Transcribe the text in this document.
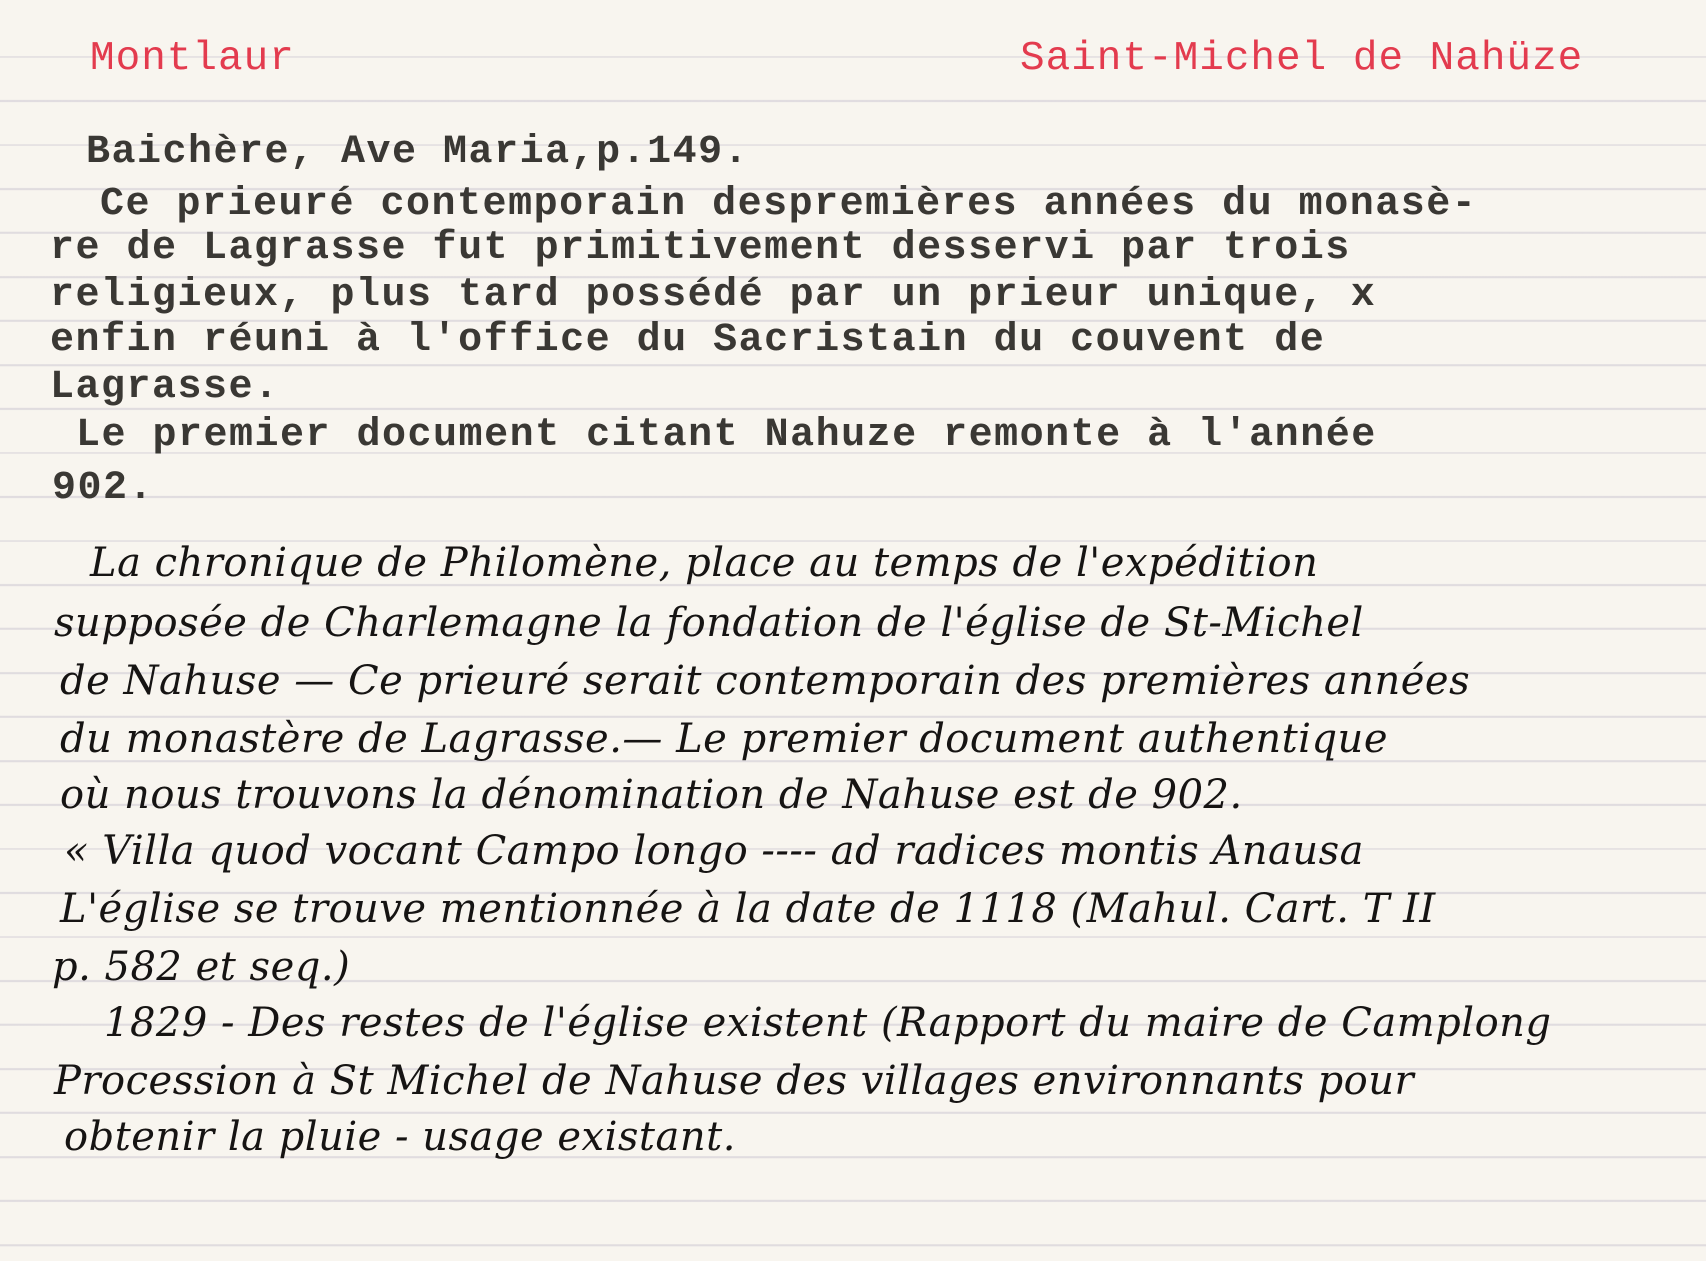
Montlaur	Saint-Michel de Nahüze
Baichère, Ave Maria,p.149.
Ce prieuré contemporain despremières années du monasè-
re de Lagrasse fut primitivement desservi par trois
religieux, plus tard possédé par un prieur unique, x
enfin réuni à l'office du Sacristain du couvent de
Lagrasse.
Le premier document citant Nahuze remonte à l'année
902.
La chronique de Philomène, place au temps de l'expédition
supposée de Charlemagne la fondation de l'église de St-Michel
de Nahuse — Ce prieuré serait contemporain des premières années
du monastère de Lagrasse.— Le premier document authentique
où nous trouvons la dénomination de Nahuse est de 902.
« Villa quod vocant Campo longo ---- ad radices montis Anausa
L'église se trouve mentionnée à la date de 1118 (Mahul. Cart. T II
p. 582 et seq.)
1829 - Des restes de l'église existent (Rapport du maire de Camplong
Procession à St Michel de Nahuse des villages environnants pour
obtenir la pluie - usage existant.
